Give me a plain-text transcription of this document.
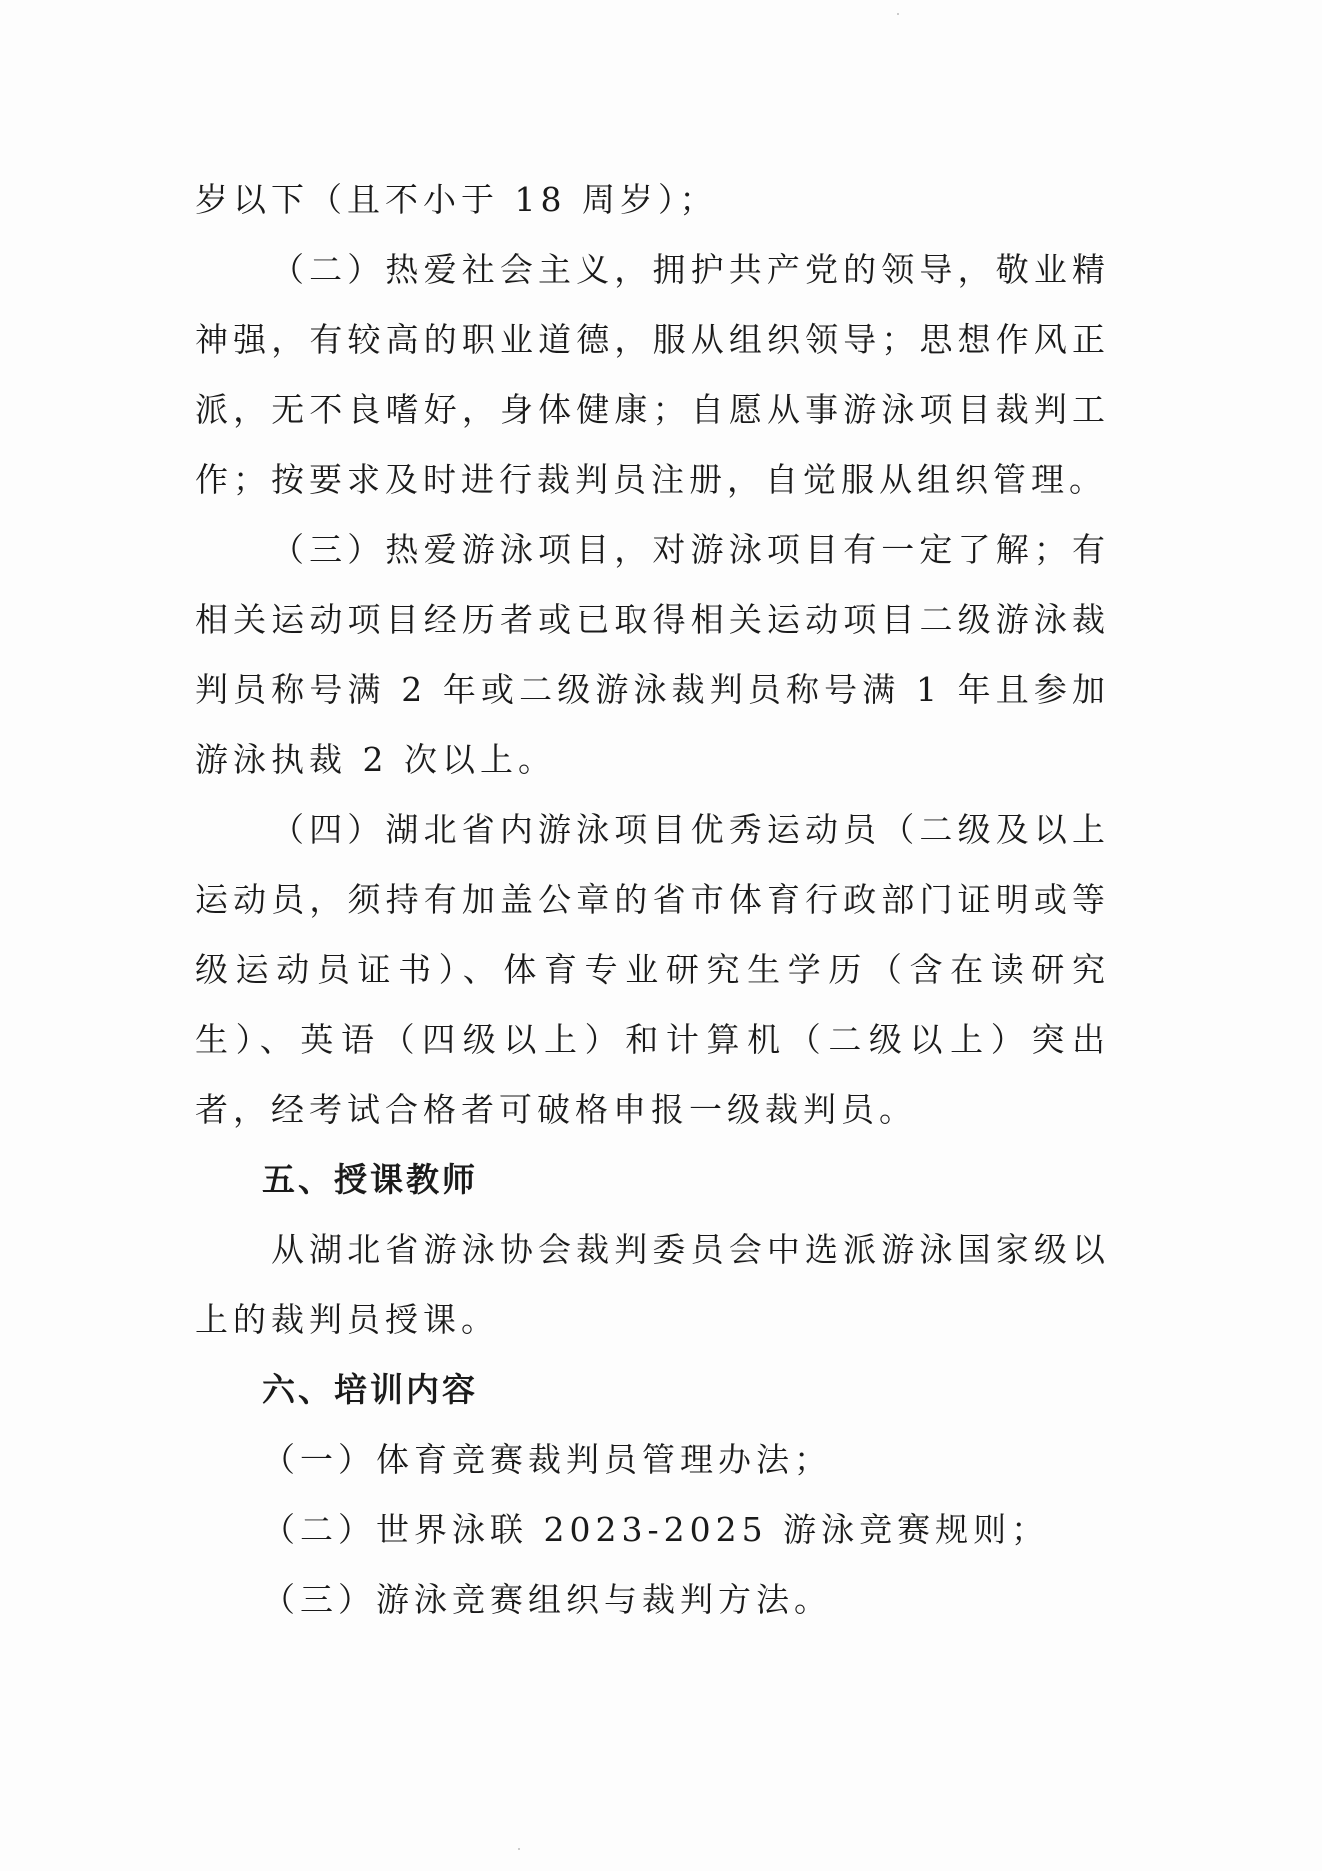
岁以下（且不小于 18 周岁）；
（二）热爱社会主义，拥护共产党的领导，敬业精神强，有较高的职业道德，服从组织领导；思想作风正派，无不良嗜好，身体健康；自愿从事游泳项目裁判工作；按要求及时进行裁判员注册，自觉服从组织管理。
（三）热爱游泳项目，对游泳项目有一定了解；有相关运动项目经历者或已取得相关运动项目二级游泳裁判员称号满 2 年或二级游泳裁判员称号满 1 年且参加游泳执裁 2 次以上。
（四）湖北省内游泳项目优秀运动员（二级及以上运动员，须持有加盖公章的省市体育行政部门证明或等级运动员证书）、体育专业研究生学历（含在读研究生）、英语（四级以上）和计算机（二级以上）突出者，经考试合格者可破格申报一级裁判员。
五、授课教师
从湖北省游泳协会裁判委员会中选派游泳国家级以上的裁判员授课。
六、培训内容
（一）体育竞赛裁判员管理办法；
（二）世界泳联 2023-2025 游泳竞赛规则；
（三）游泳竞赛组织与裁判方法。
